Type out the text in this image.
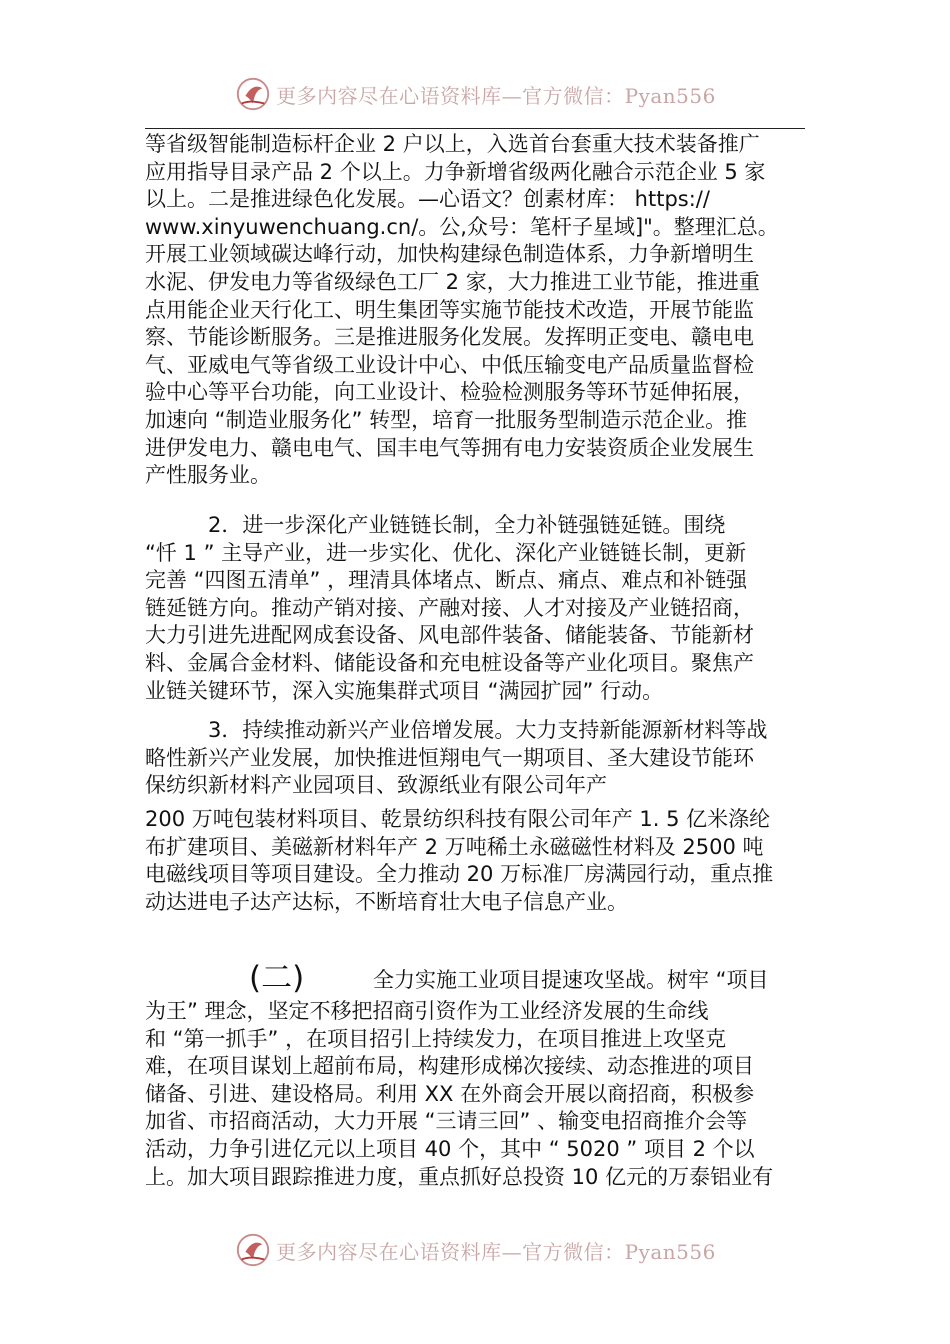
更多内容尽在心语资料库—官方微信：Pyan556
等省级智能制造标杆企业 2 户以上，入选首台套重大技术装备推广
应用指导目录产品 2 个以上。力争新增省级两化融合示范企业 5 家
以上。二是推进绿色化发展。—心语文？创素材库： https://
www.xinyuwenchuang.cn/。公,众号：笔杆子星域]"。整理汇总。
开展工业领域碳达峰行动，加快构建绿色制造体系，力争新增明生
水泥、伊发电力等省级绿色工厂 2 家，大力推进工业节能，推进重
点用能企业天行化工、明生集团等实施节能技术改造，开展节能监
察、节能诊断服务。三是推进服务化发展。发挥明正变电、赣电电
气、亚威电气等省级工业设计中心、中低压输变电产品质量监督检
验中心等平台功能，向工业设计、检验检测服务等环节延伸拓展，
加速向 “制造业服务化” 转型，培育一批服务型制造示范企业。推
进伊发电力、赣电电气、国丰电气等拥有电力安装资质企业发展生
产性服务业。
　　　2．进一步深化产业链链长制，全力补链强链延链。围绕
“忏 1 ” 主导产业，进一步实化、优化、深化产业链链长制，更新
完善 “四图五清单” ，理清具体堵点、断点、痛点、难点和补链强
链延链方向。推动产销对接、产融对接、人才对接及产业链招商，
大力引进先进配网成套设备、风电部件装备、储能装备、节能新材
料、金属合金材料、储能设备和充电桩设备等产业化项目。聚焦产
业链关键环节，深入实施集群式项目 “满园扩园” 行动。
　　　3．持续推动新兴产业倍增发展。大力支持新能源新材料等战
略性新兴产业发展，加快推进恒翔电气一期项目、圣大建设节能环
保纺织新材料产业园项目、致源纸业有限公司年产
200 万吨包装材料项目、乾景纺织科技有限公司年产 1. 5 亿米涤纶
布扩建项目、美磁新材料年产 2 万吨稀土永磁磁性材料及 2500 吨
电磁线项目等项目建设。全力推动 20 万标准厂房满园行动，重点推
动达进电子达产达标，不断培育壮大电子信息产业。
(二)	全力实施工业项目提速攻坚战。树牢 “项目
为王” 理念，坚定不移把招商引资作为工业经济发展的生命线
和 “第一抓手” ，在项目招引上持续发力，在项目推进上攻坚克
难，在项目谋划上超前布局，构建形成梯次接续、动态推进的项目
储备、引进、建设格局。利用 XX 在外商会开展以商招商，积极参
加省、市招商活动，大力开展 “三请三回” 、输变电招商推介会等
活动，力争引进亿元以上项目 40 个，其中 “ 5020 ” 项目 2 个以
上。加大项目跟踪推进力度，重点抓好总投资 10 亿元的万泰铝业有
更多内容尽在心语资料库—官方微信：Pyan556
